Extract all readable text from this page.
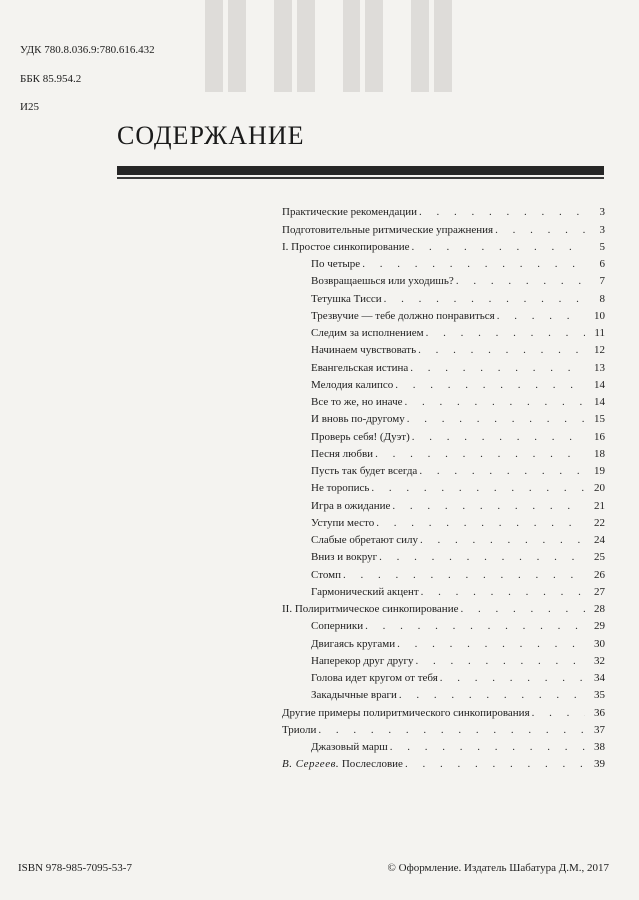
УДК 780.8.036.9:780.616.432
ББК 85.954.2
И25
СОДЕРЖАНИЕ
Практические рекомендации . . .	3
Подготовительные ритмические упражнения . . .	3
I. Простое синкопирование . . .	5
По четыре . . .	6
Возвращаешься или уходишь? . . .	7
Тетушка Тисси . . .	8
Трезвучие — тебе должно понравиться . . .	10
Следим за исполнением . . .	11
Начинаем чувствовать . . .	12
Евангельская истина . . .	13
Мелодия калипсо . . .	14
Все то же, но иначе . . .	14
И вновь по-другому . . .	15
Проверь себя! (Дуэт) . . .	16
Песня любви . . .	18
Пусть так будет всегда . . .	19
Не торопись . . .	20
Игра в ожидание . . .	21
Уступи место . . .	22
Слабые обретают силу . . .	24
Вниз и вокруг . . .	25
Стомп . . .	26
Гармонический акцент . . .	27
II. Полиритмическое синкопирование . . .	28
Соперники . . .	29
Двигаясь кругами . . .	30
Наперекор друг другу . . .	32
Голова идет кругом от тебя . . .	34
Закадычные враги . . .	35
Другие примеры полиритмического синкопирования . . .	36
Триоли . . .	37
Джазовый марш . . .	38
В. Сергеев. Послесловие . . .	39
ISBN 978-985-7095-53-7	© Оформление. Издатель Шабатура Д.М., 2017
